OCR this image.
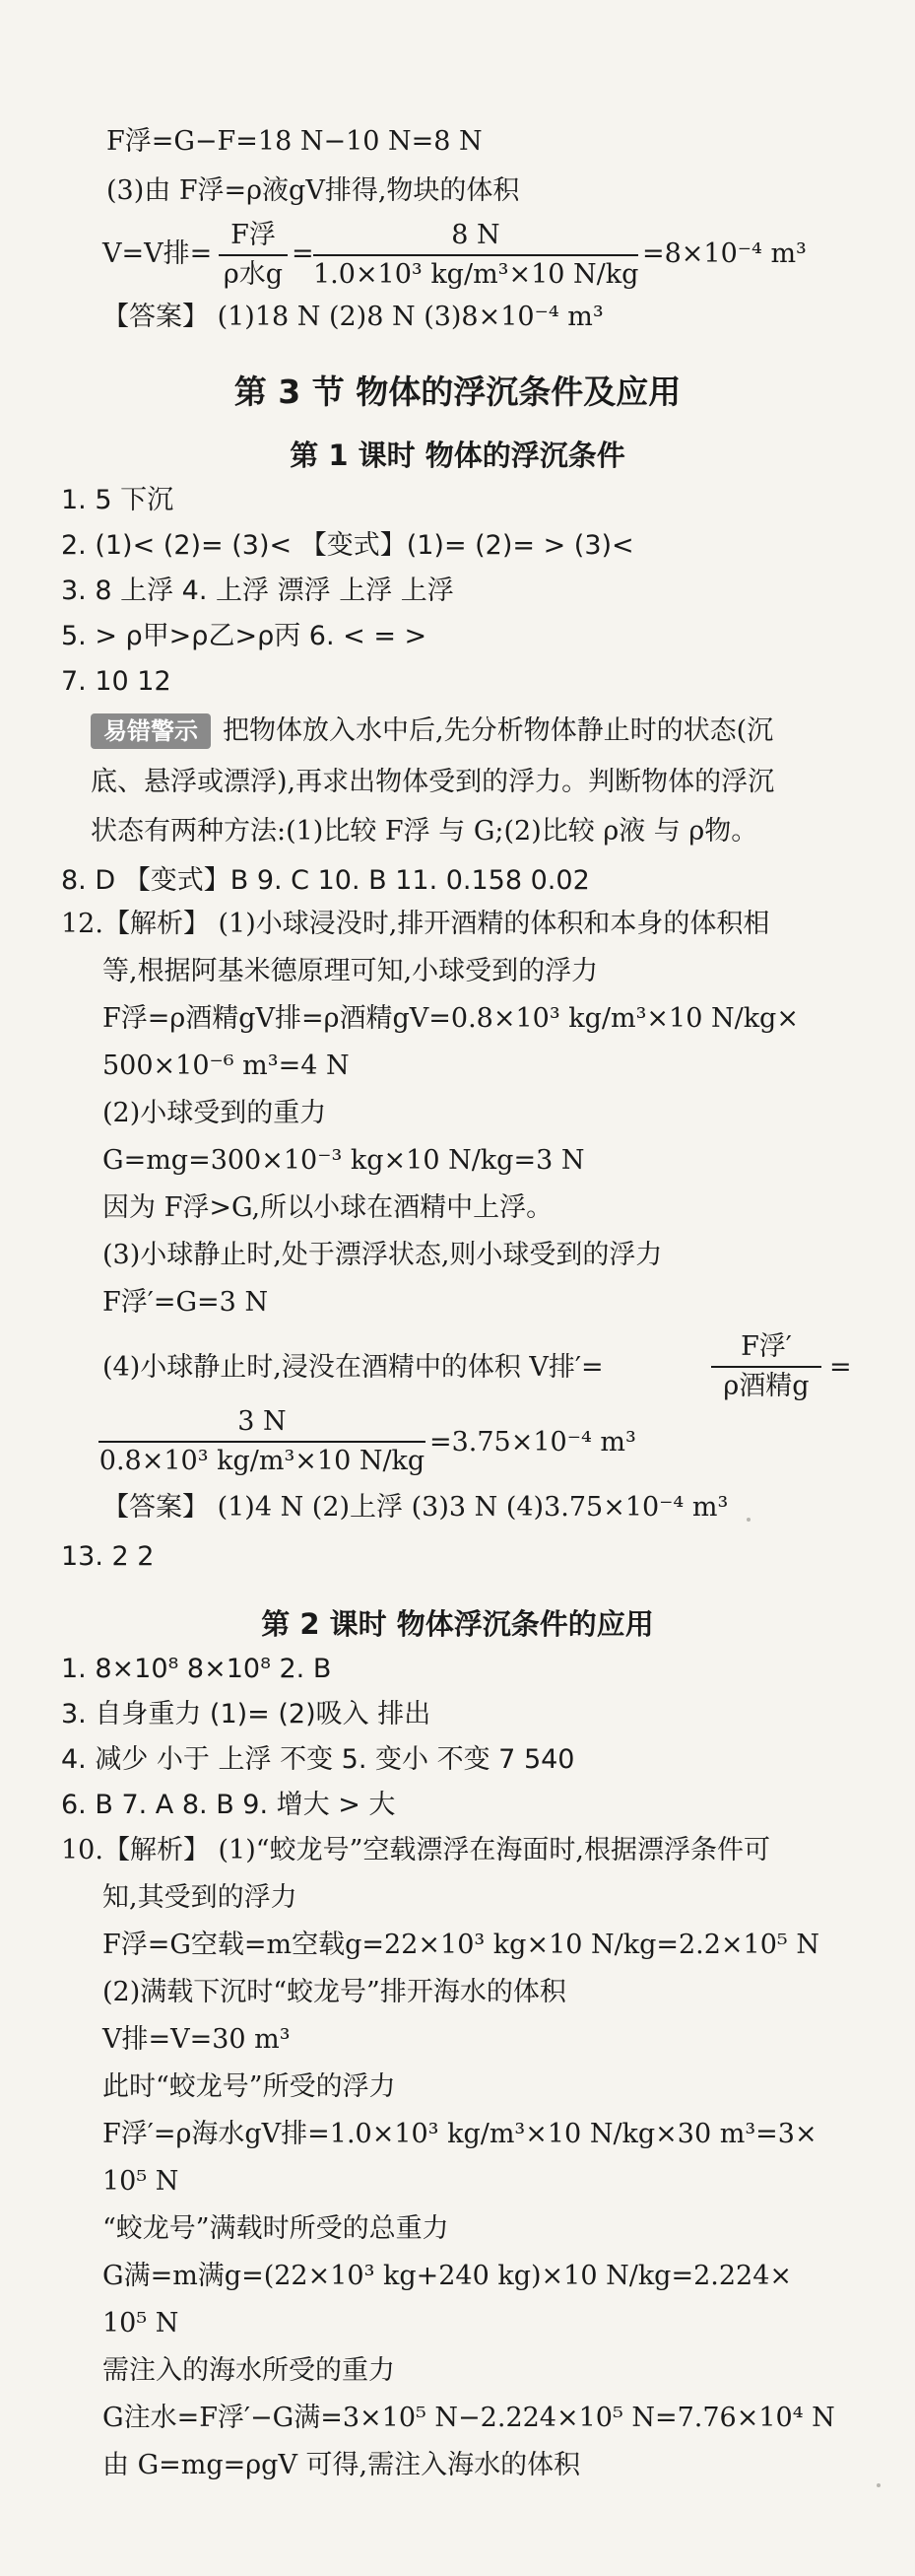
F浮=G−F=18 N−10 N=8 N
(3)由 F浮=ρ液gV排得,物块的体积
V=V排=
F浮
ρ水g
= $\frac{8 N}{\text{1.0×10³ kg/m³×10 N/kg}} =8\times 10^{-4}$ m³
【答案】 (1)18 N (2)8 N (3)8×10⁻⁴ m³
第 3 节 物体的浮沉条件及应用
第 1 课时 物体的浮沉条件
1. 5 下沉
2. (1)< (2)= (3)< 【变式】(1)= (2)= > (3)<
3. 8 上浮 4. 上浮 漂浮 上浮 上浮
5. > ρ甲>ρ乙>ρ丙 6. < = >
7. 10 12
易错警示 把物体放入水中后,先分析物体静止时的状态(沉
底、悬浮或漂浮),再求出物体受到的浮力。判断物体的浮沉
状态有两种方法:(1)比较 F浮 与 G;(2)比较 ρ液 与 ρ物。
8. D 【变式】B 9. C 10. B 11. 0.158 0.02
12.【解析】 (1)小球浸没时,排开酒精的体积和本身的体积相
等,根据阿基米德原理可知,小球受到的浮力
F浮=ρ酒精gV排=ρ酒精gV=0.8×10³ kg/m³×10 N/kg×
500×10⁻⁶ m³=4 N
(2)小球受到的重力
G=mg=300×10⁻³ kg×10 N/kg=3 N
因为 F浮>G,所以小球在酒精中上浮。
(3)小球静止时,处于漂浮状态,则小球受到的浮力
F浮′=G=3 N
(4)小球静止时,浸没在酒精中的体积 V排′=
F浮′
ρ酒精g
=
$\frac{3 N}{\text{0.8×10³ kg/m³×10 N/kg}} =3.75\times 10^{-4}$ m³
【答案】 (1)4 N (2)上浮 (3)3 N (4)3.75×10⁻⁴ m³
13. 2 2
第 2 课时 物体浮沉条件的应用
1. 8×10⁸ 8×10⁸ 2. B
3. 自身重力 (1)= (2)吸入 排出
4. 减少 小于 上浮 不变 5. 变小 不变 7 540
6. B 7. A 8. B 9. 增大 > 大
10.【解析】 (1)“蛟龙号”空载漂浮在海面时,根据漂浮条件可
知,其受到的浮力
F浮=G空载=m空载g=22×10³ kg×10 N/kg=2.2×10⁵ N
(2)满载下沉时“蛟龙号”排开海水的体积
V排=V=30 m³
此时“蛟龙号”所受的浮力
F浮′=ρ海水gV排=1.0×10³ kg/m³×10 N/kg×30 m³=3×
10⁵ N
“蛟龙号”满载时所受的总重力
G满=m满g=(22×10³ kg+240 kg)×10 N/kg=2.224×
10⁵ N
需注入的海水所受的重力
G注水=F浮′−G满=3×10⁵ N−2.224×10⁵ N=7.76×10⁴ N
由 G=mg=ρgV 可得,需注入海水的体积
